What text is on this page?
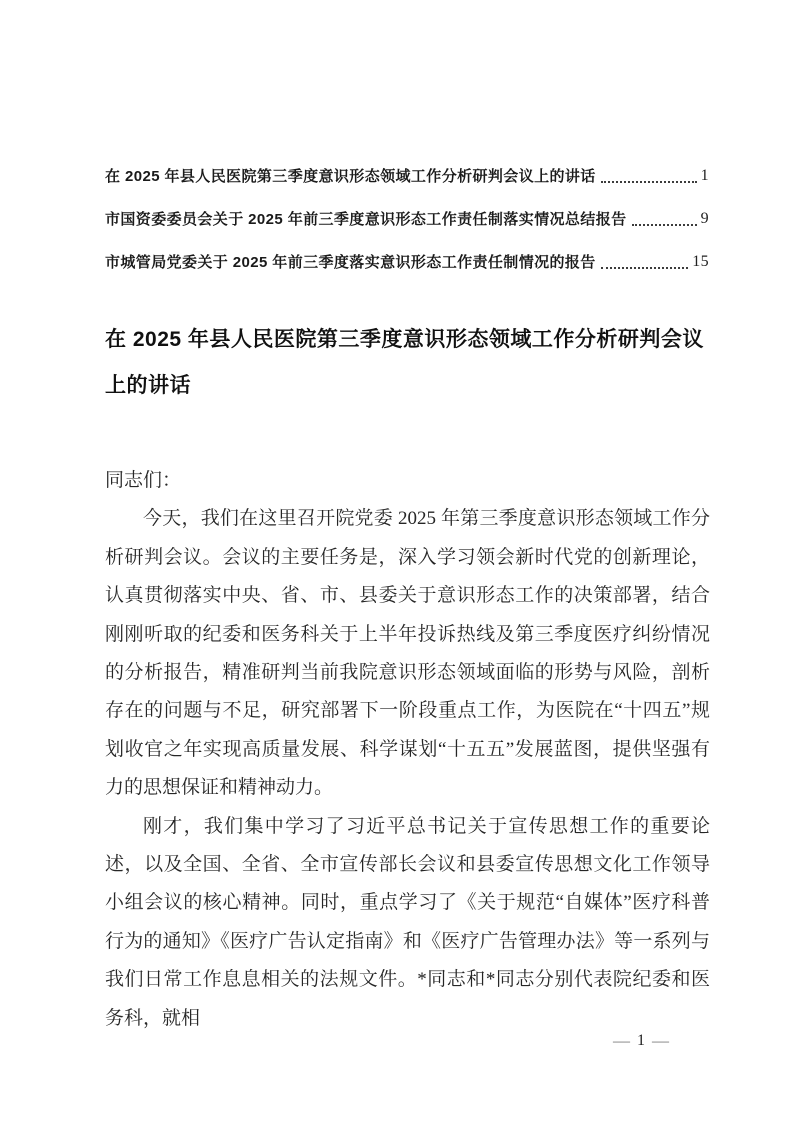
在 2025 年县人民医院第三季度意识形态领域工作分析研判会议上的讲话	1
市国资委委员会关于 2025 年前三季度意识形态工作责任制落实情况总结报告	9
市城管局党委关于 2025 年前三季度落实意识形态工作责任制情况的报告	15
在 2025 年县人民医院第三季度意识形态领域工作分析研判会议上的讲话

同志们：

今天，我们在这里召开院党委 2025 年第三季度意识形态领域工作分析研判会议。会议的主要任务是，深入学习领会新时代党的创新理论，认真贯彻落实中央、省、市、县委关于意识形态工作的决策部署，结合刚刚听取的纪委和医务科关于上半年投诉热线及第三季度医疗纠纷情况的分析报告，精准研判当前我院意识形态领域面临的形势与风险，剖析存在的问题与不足，研究部署下一阶段重点工作，为医院在“十四五”规划收官之年实现高质量发展、科学谋划“十五五”发展蓝图，提供坚强有力的思想保证和精神动力。

刚才，我们集中学习了习近平总书记关于宣传思想工作的重要论述，以及全国、全省、全市宣传部长会议和县委宣传思想文化工作领导小组会议的核心精神。同时，重点学习了《关于规范“自媒体”医疗科普行为的通知》《医疗广告认定指南》和《医疗广告管理办法》等一系列与我们日常工作息息相关的法规文件。*同志和*同志分别代表院纪委和医务科，就相

— 1 —
